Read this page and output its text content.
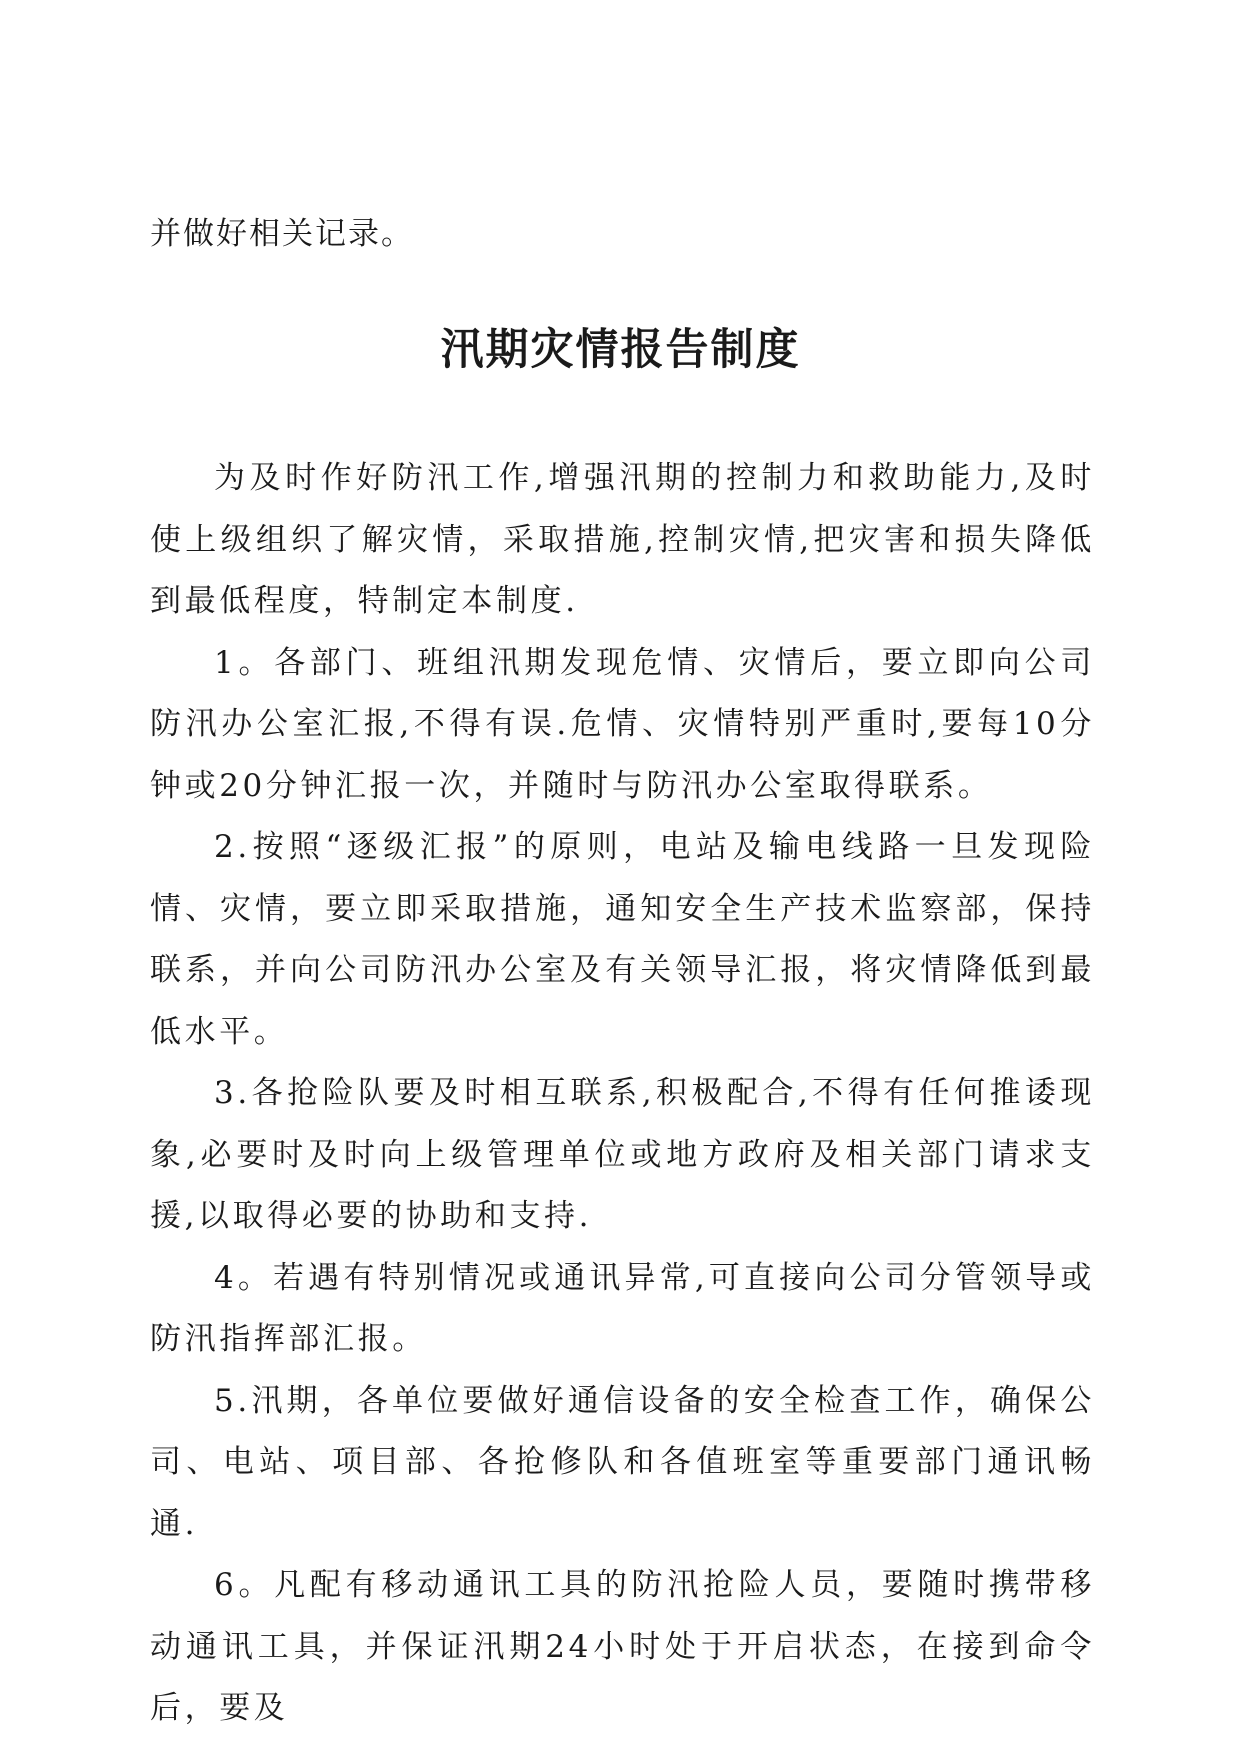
并做好相关记录。

汛期灾情报告制度

为及时作好防汛工作,增强汛期的控制力和救助能力,及时使上级组织了解灾情，采取措施,控制灾情,把灾害和损失降低到最低程度，特制定本制度.

1。各部门、班组汛期发现危情、灾情后，要立即向公司防汛办公室汇报,不得有误.危情、灾情特别严重时,要每10分钟或20分钟汇报一次，并随时与防汛办公室取得联系。

2.按照“逐级汇报”的原则，电站及输电线路一旦发现险情、灾情，要立即采取措施，通知安全生产技术监察部，保持联系，并向公司防汛办公室及有关领导汇报，将灾情降低到最低水平。

3.各抢险队要及时相互联系,积极配合,不得有任何推诿现象,必要时及时向上级管理单位或地方政府及相关部门请求支援,以取得必要的协助和支持.

4。若遇有特别情况或通讯异常,可直接向公司分管领导或防汛指挥部汇报。

5.汛期，各单位要做好通信设备的安全检查工作，确保公司、电站、项目部、各抢修队和各值班室等重要部门通讯畅通.

6。凡配有移动通讯工具的防汛抢险人员，要随时携带移动通讯工具，并保证汛期24小时处于开启状态，在接到命令后，要及
